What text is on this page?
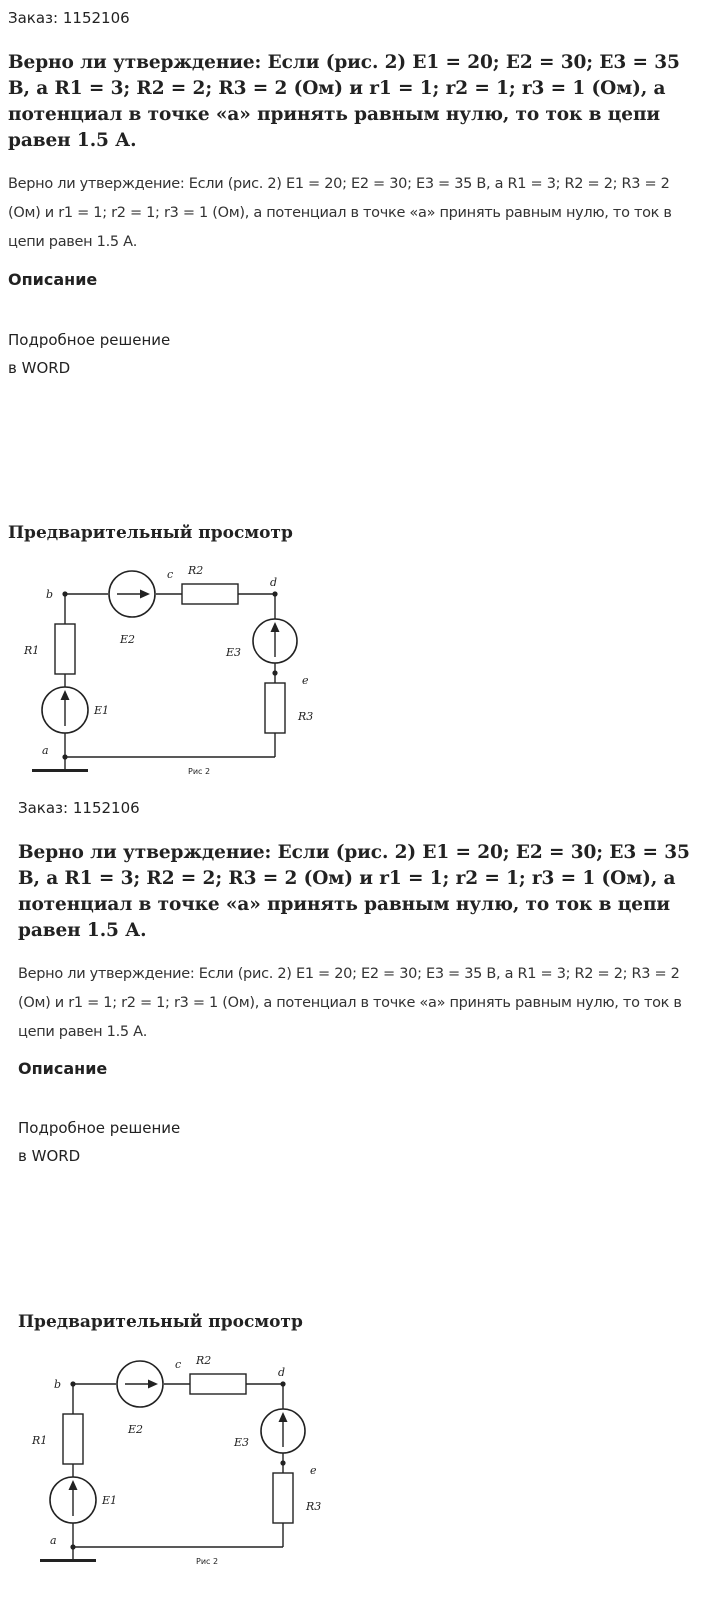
Заказ: 1152106
Верно ли утверждение: Если (рис. 2) E1 = 20; E2 = 30; E3 = 35 В, а R1 = 3; R2 = 2; R3 = 2 (Ом) и r1 = 1; r2 = 1; r3 = 1 (Ом), а потенциал в точке «а» принять равным нулю, то ток в цепи равен 1.5 А.
Верно ли утверждение: Если (рис. 2) E1 = 20; E2 = 30; E3 = 35 В, а R1 = 3; R2 = 2; R3 = 2 (Ом) и r1 = 1; r2 = 1; r3 = 1 (Ом), а потенциал в точке «а» принять равным нулю, то ток в цепи равен 1.5 А.
Описание
Подробное решение
в WORD
Предварительный просмотр
b
c R2
d
R1
E2
E3
e
E1	R3
a
Рис 2
Заказ: 1152106
Верно ли утверждение: Если (рис. 2) E1 = 20; E2 = 30; E3 = 35 В, а R1 = 3; R2 = 2; R3 = 2 (Ом) и r1 = 1; r2 = 1; r3 = 1 (Ом), а потенциал в точке «а» принять равным нулю, то ток в цепи равен 1.5 А.
Верно ли утверждение: Если (рис. 2) E1 = 20; E2 = 30; E3 = 35 В, а R1 = 3; R2 = 2; R3 = 2 (Ом) и r1 = 1; r2 = 1; r3 = 1 (Ом), а потенциал в точке «а» принять равным нулю, то ток в цепи равен 1.5 А.
Описание
Подробное решение
в WORD
Предварительный просмотр
b
c R2
d
R1
E2
E3
e
E1	R3
a
Рис 2
